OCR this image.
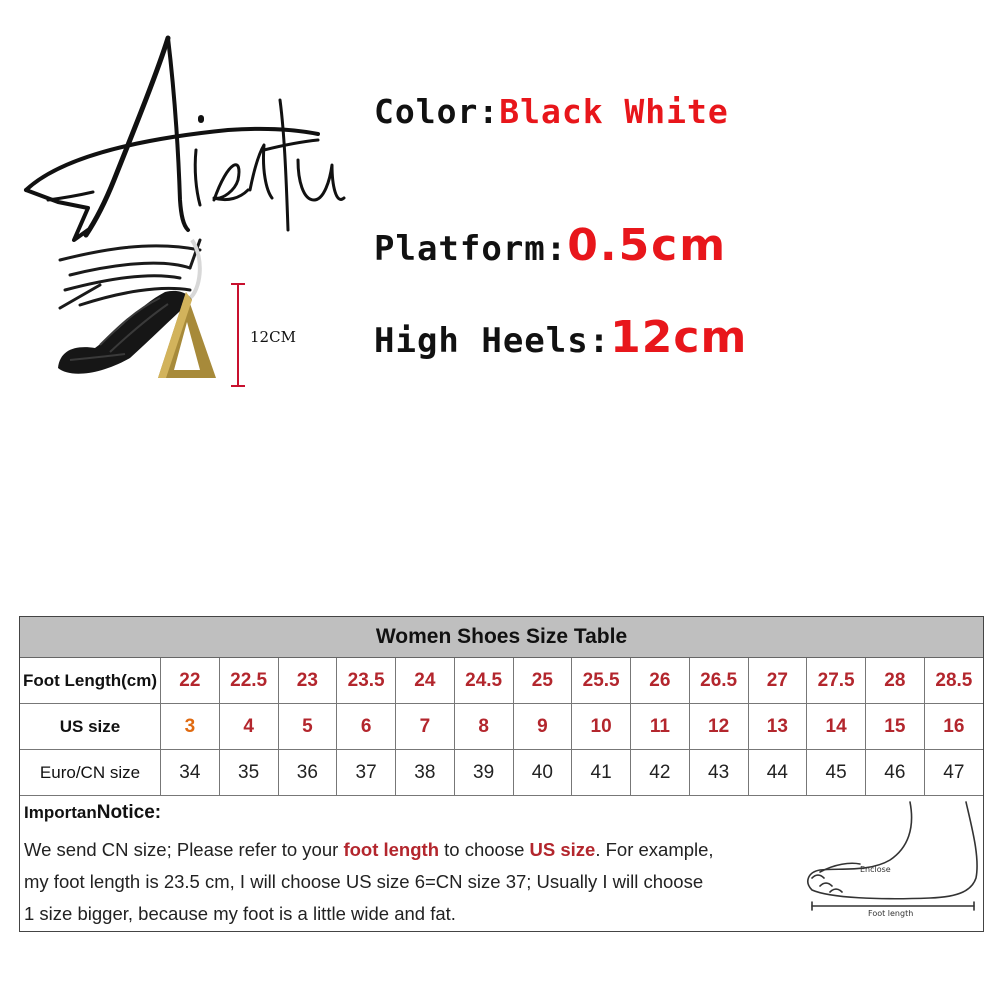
12CM
Color:Black White
Platform:0.5cm
High Heels:12cm
Women Shoes Size Table
Foot Length(cm)	22	22.5	23	23.5	24	24.5	25	25.5	26	26.5	27	27.5	28	28.5
US size	3	4	5	6	7	8	9	10	11	12	13	14	15	16
Euro/CN size	34	35	36	37	38	39	40	41	42	43	44	45	46	47
ImportanNotice:
We send CN size; Please refer to your foot length to choose US size. For example,
my foot length is 23.5 cm, I will choose US size 6=CN size 37; Usually I will choose
1 size bigger, because my foot is a little wide and fat.
Enclose
Foot length
